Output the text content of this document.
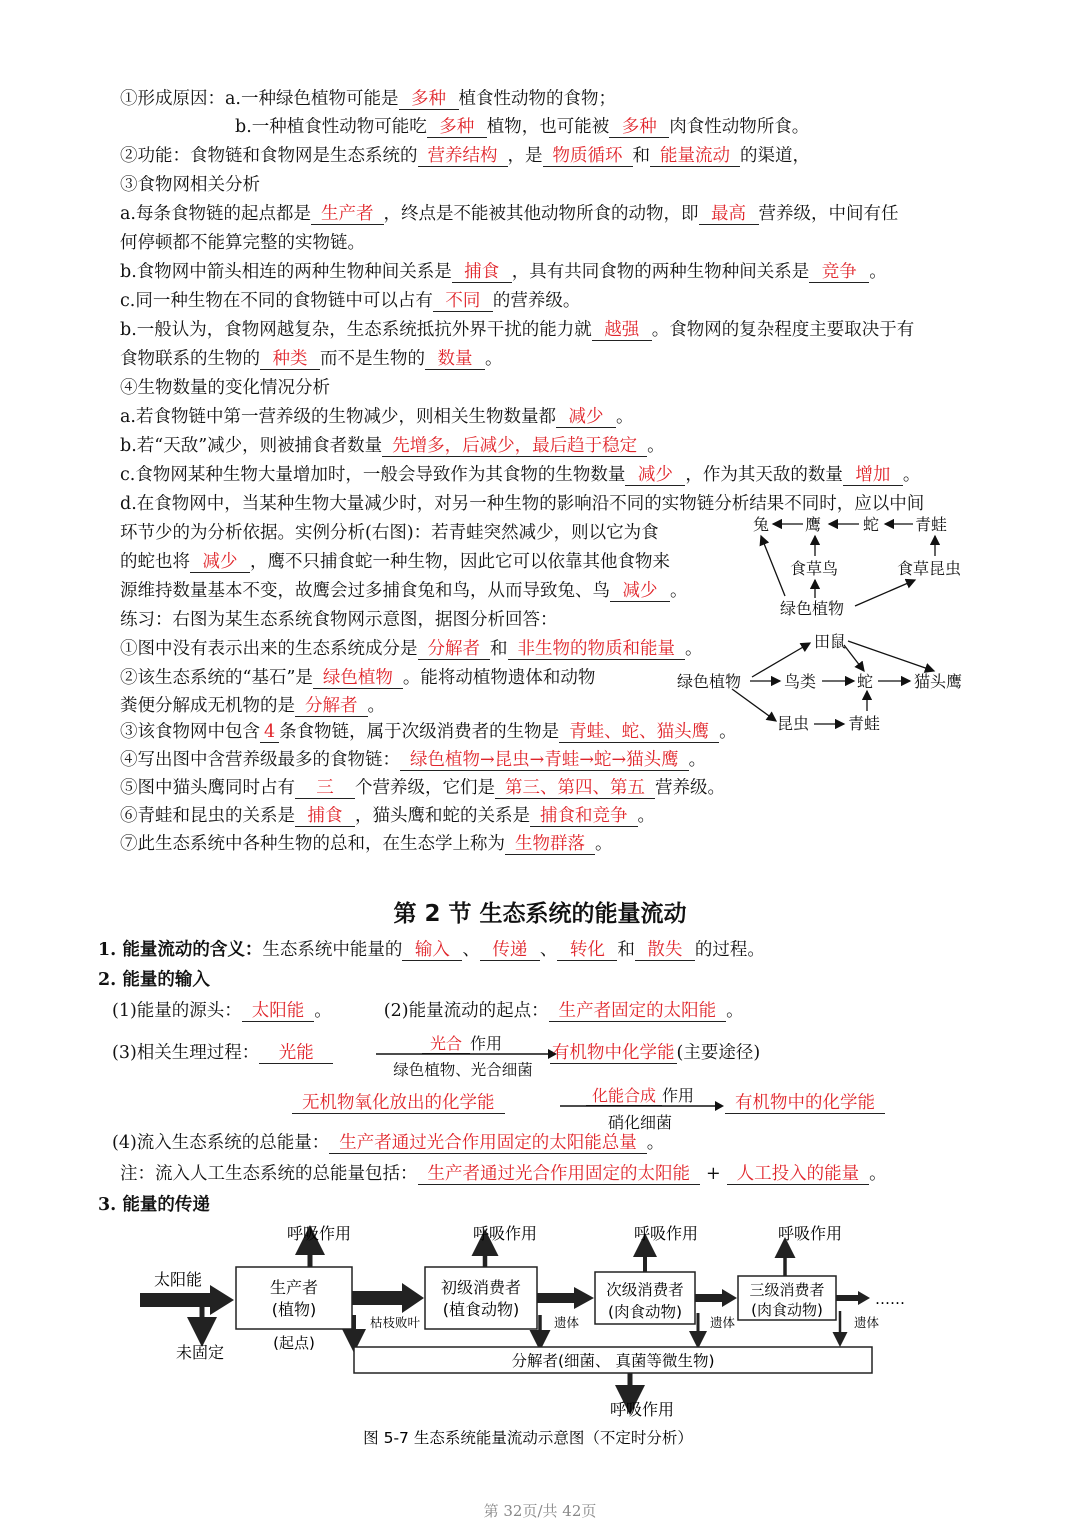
①形成原因：a.一种绿色植物可能是 多种 植食性动物的食物；
b.一种植食性动物可能吃 多种 植物，也可能被 多种 肉食性动物所食。
②功能：食物链和食物网是生态系统的 营养结构 ，是 物质循环 和 能量流动 的渠道，
③食物网相关分析
a.每条食物链的起点都是 生产者 ，终点是不能被其他动物所食的动物，即 最高 营养级，中间有任
何停顿都不能算完整的实物链。
b.食物网中箭头相连的两种生物种间关系是 捕食 ，具有共同食物的两种生物种间关系是 竞争 。
c.同一种生物在不同的食物链中可以占有 不同 的营养级。
b.一般认为，食物网越复杂，生态系统抵抗外界干扰的能力就 越强 。食物网的复杂程度主要取决于有
食物联系的生物的 种类 而不是生物的 数量 。
④生物数量的变化情况分析
a.若食物链中第一营养级的生物减少，则相关生物数量都 减少 。
b.若“天敌”减少，则被捕食者数量 先增多，后减少，最后趋于稳定 。
c.食物网某种生物大量增加时，一般会导致作为其食物的生物数量 减少 ，作为其天敌的数量 增加 。
d.在食物网中，当某种生物大量减少时，对另一种生物的影响沿不同的实物链分析结果不同时，应以中间
环节少的为分析依据。实例分析(右图)：若青蛙突然减少，则以它为食
的蛇也将 减少 ，鹰不只捕食蛇一种生物，因此它可以依靠其他食物来
源维持数量基本不变，故鹰会过多捕食兔和鸟，从而导致兔、鸟 减少 。
练习：右图为某生态系统食物网示意图，据图分析回答：
①图中没有表示出来的生态系统成分是 分解者 和 非生物的物质和能量 。
②该生态系统的“基石”是 绿色植物 。能将动植物遗体和动物
粪便分解成无机物的是 分解者 。
③该食物网中包含 4 条食物链，属于次级消费者的生物是 青蛙、蛇、猫头鹰 。
④写出图中含营养级最多的食物链： 绿色植物→昆虫→青蛙→蛇→猫头鹰 。
⑤图中猫头鹰同时占有 三 个营养级，它们是 第三、第四、第五 营养级。
⑥青蛙和昆虫的关系是 捕食 ，猫头鹰和蛇的关系是 捕食和竞争 。
⑦此生态系统中各种生物的总和，在生态学上称为 生物群落 。
兔 鹰	蛇 青蛙
食草鸟	食草昆虫
绿色植物
田鼠
绿色植物	鸟类	蛇	猫头鹰
昆虫 青蛙
第 2 节 生态系统的能量流动
1. 能量流动的含义：生态系统中能量的 输入 、 传递 、 转化 和 散失 的过程。
2. 能量的输入
(1)能量的源头： 太阳能 。	(2)能量流动的起点： 生产者固定的太阳能 。
(3)相关生理过程： 光能	光合 作用
绿色植物、光合细菌
有机物中化学能 (主要途径)
无机物氧化放出的化学能	化能合成 作用
硝化细菌
有机物中的化学能
(4)流入生态系统的总能量： 生产者通过光合作用固定的太阳能总量 。
注：流入人工生态系统的总能量包括： 生产者通过光合作用固定的太阳能 + 人工投入的能量 。
3. 能量的传递
太阳能
未固定
生产者
(植物)
(起点)
初级消费者
(植食动物)
次级消费者
(肉食动物)
三级消费者
(肉食动物)
……
呼吸作用	呼吸作用	呼吸作用	呼吸作用
枯枝败叶	遗体	遗体	遗体
分解者(细菌、 真菌等微生物)
呼吸作用
图 5-7 生态系统能量流动示意图（不定时分析）
第 32页/共 42页
